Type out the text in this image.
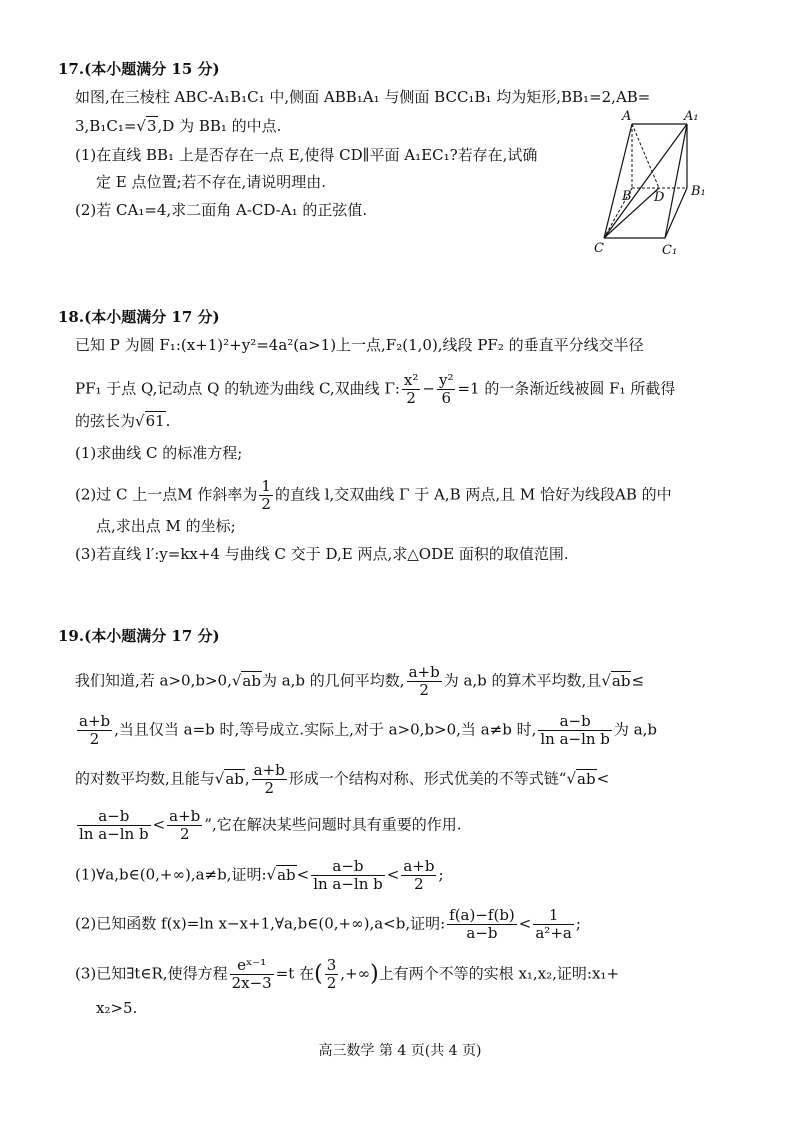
17.(本小题满分 15 分)
如图,在三棱柱 ABC-A₁B₁C₁ 中,侧面 ABB₁A₁ 与侧面 BCC₁B₁ 均为矩形,BB₁=2,AB=
3,B₁C₁=√3,D 为 BB₁ 的中点.
(1)在直线 BB₁ 上是否存在一点 E,使得 CD∥平面 A₁EC₁?若存在,试确
定 E 点位置;若不存在,请说明理由.
(2)若 CA₁=4,求二面角 A-CD-A₁ 的正弦值.
A	A₁
B D B₁
C	C₁
18.(本小题满分 17 分)
已知 P 为圆 F₁:(x+1)²+y²=4a²(a>1)上一点,F₂(1,0),线段 PF₂ 的垂直平分线交半径
PF₁ 于点 Q,记动点 Q 的轨迹为曲线 C,双曲线 Γ: $\frac{\text{x²}}{2} - \frac{\text{y²}}{6} =1$ 的一条渐近线被圆 F₁ 所截得
的弦长为√61.
(1)求曲线 C 的标准方程;
(2)过 C 上一点M 作斜率为 $\frac{1}{2}$ 的直线 l,交双曲线 Γ 于 A,B 两点,且 M 恰好为线段AB 的中
点,求出点 M 的坐标;
(3)若直线 l′:y=kx+4 与曲线 C 交于 D,E 两点,求△ODE 面积的取值范围.
19.(本小题满分 17 分)
我们知道,若 a>0,b>0,√ab为 a,b 的几何平均数, $\frac{a+b}{2}$ 为 a,b 的算术平均数,且√ab≤
$\frac{a+b}{2}$ ,当且仅当 a=b 时,等号成立.实际上,对于 a>0,b>0,当 a≠b 时, $\frac{a-b}{\text{ln a−ln b}}$ 为 a,b
的对数平均数,且能与√ab, $\frac{a+b}{2}$ 形成一个结构对称、形式优美的不等式链“√ab<
$\frac{a-b}{\text{ln a−ln b}} < \frac{a+b}{2}$ ”,它在解决某些问题时具有重要的作用.
(1)∀a,b∈(0,+∞),a≠b,证明:√ab< $\frac{a-b}{\text{ln a−ln b}} < \frac{a+b}{2}$ ;
(2)已知函数 f(x)=ln x−x+1,∀a,b∈(0,+∞),a<b,证明: $\frac{f(a)-f(b)}{a-b} < \frac{1}{\text{a²+a}}$ ;
(3)已知∃t∈R,使得方程 $\frac{\text{eˣ⁻¹}}{2x-3} =t$ 在( $\frac{3}{2}$ ,+∞)上有两个不等的实根 x₁,x₂,证明:x₁+
x₂>5.
高三数学 第 4 页(共 4 页)
